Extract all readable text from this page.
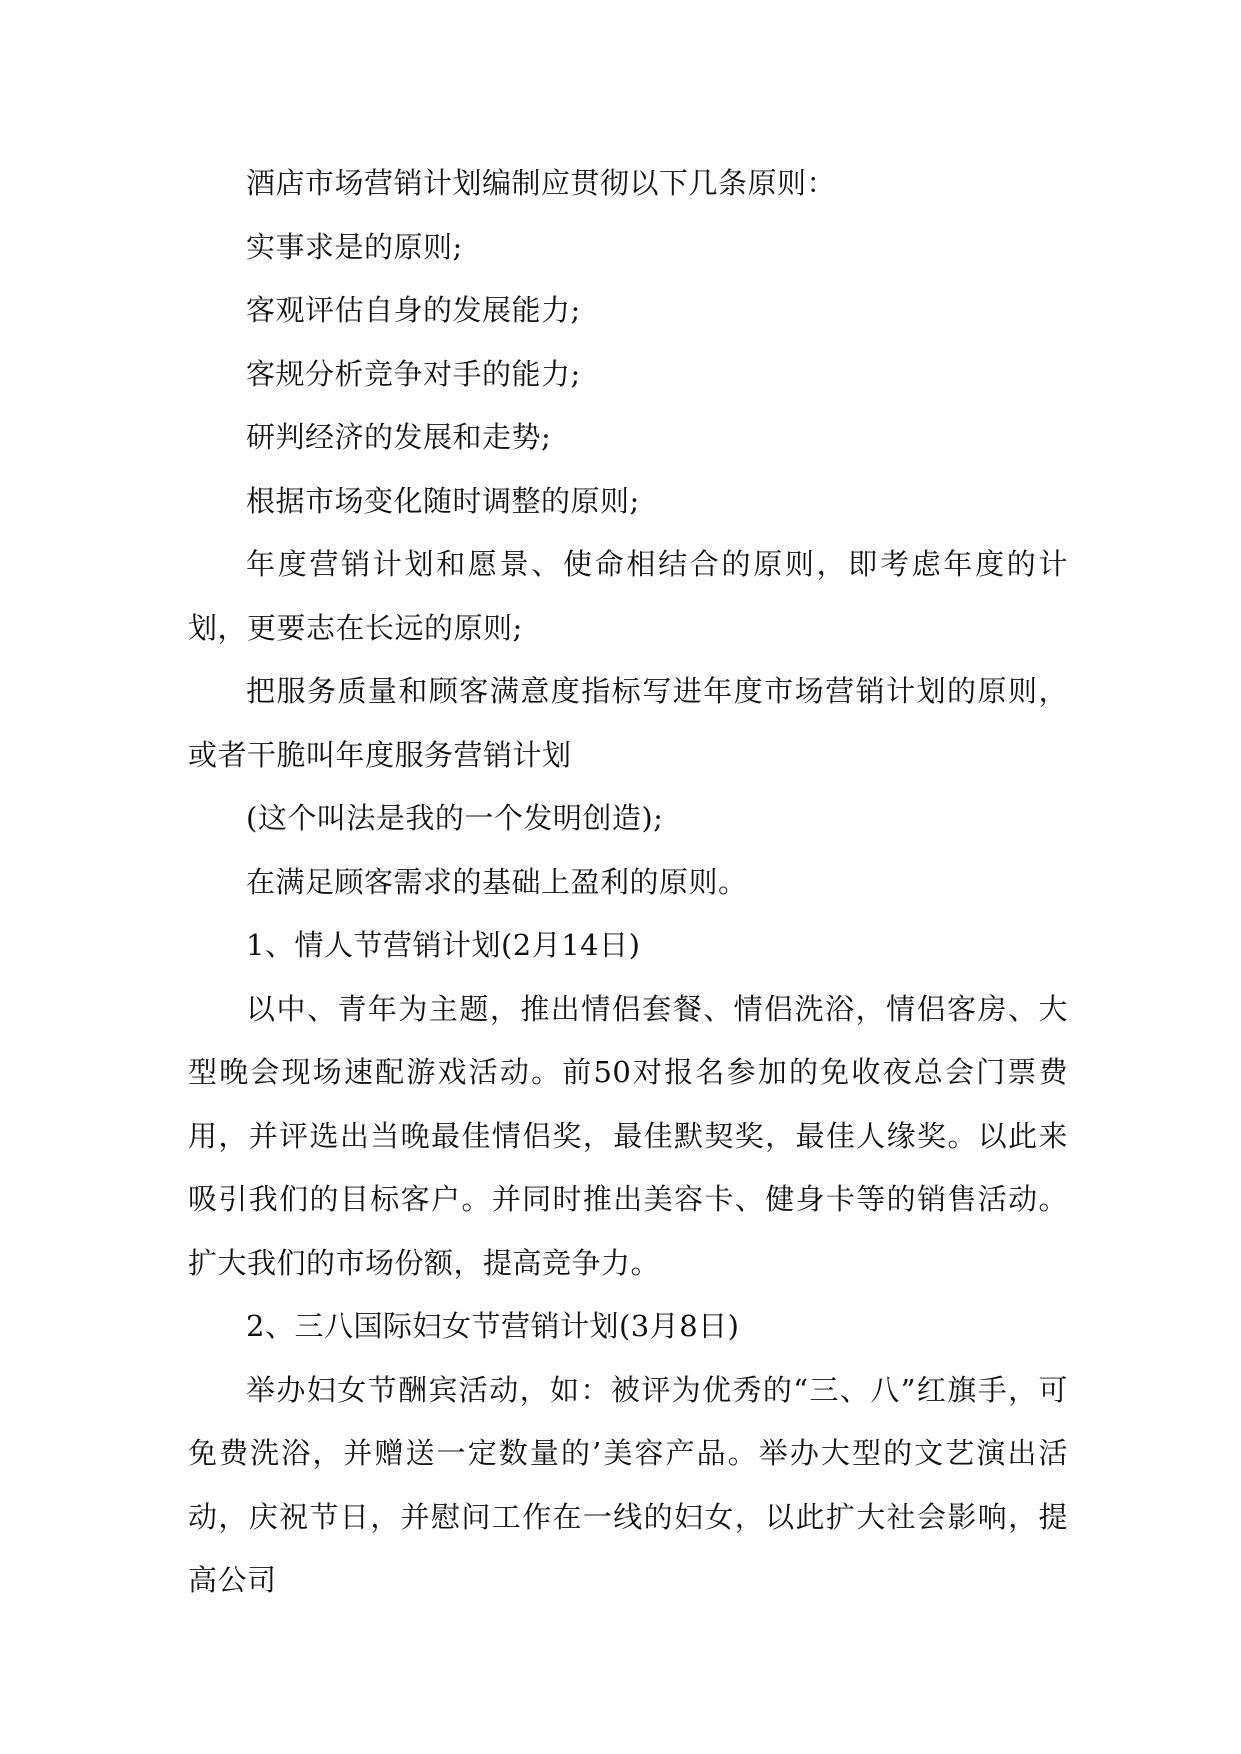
酒店市场营销计划编制应贯彻以下几条原则：

实事求是的原则;

客观评估自身的发展能力;

客规分析竞争对手的能力;

研判经济的发展和走势;

根据市场变化随时调整的原则;

年度营销计划和愿景、使命相结合的原则，即考虑年度的计划，更要志在长远的原则;

把服务质量和顾客满意度指标写进年度市场营销计划的原则，或者干脆叫年度服务营销计划

(这个叫法是我的一个发明创造);

在满足顾客需求的基础上盈利的原则。

1、情人节营销计划(2月14日)

以中、青年为主题，推出情侣套餐、情侣洗浴，情侣客房、大型晚会现场速配游戏活动。前50对报名参加的免收夜总会门票费用，并评选出当晚最佳情侣奖，最佳默契奖，最佳人缘奖。以此来吸引我们的目标客户。并同时推出美容卡、健身卡等的销售活动。扩大我们的市场份额，提高竞争力。

2、三八国际妇女节营销计划(3月8日)

举办妇女节酬宾活动，如：被评为优秀的“三、八”红旗手，可免费洗浴，并赠送一定数量的’美容产品。举办大型的文艺演出活动，庆祝节日，并慰问工作在一线的妇女，以此扩大社会影响，提高公司
